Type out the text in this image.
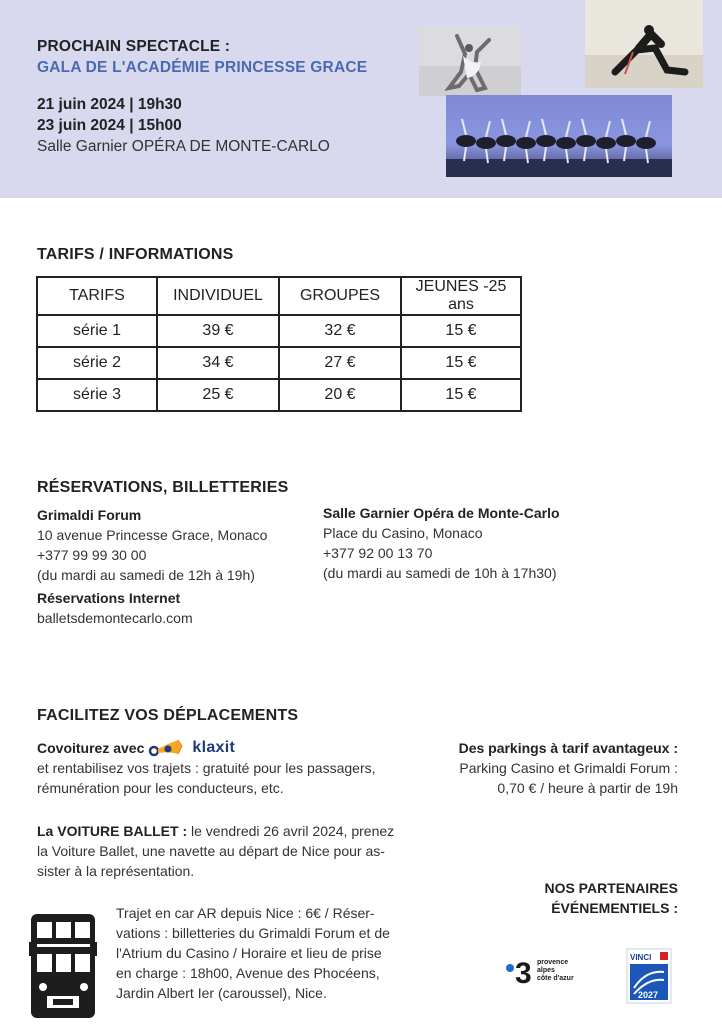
PROCHAIN SPECTACLE :
GALA DE L'ACADÉMIE PRINCESSE GRACE
21 juin 2024 | 19h30
23 juin 2024 | 15h00
Salle Garnier OPÉRA DE MONTE-CARLO
TARIFS / INFORMATIONS
TARIFS	INDIVIDUEL	GROUPES	JEUNES -25 ans
série 1	39 €	32 €	15 €
série 2	34 €	27 €	15 €
série 3	25 €	20 €	15 €
RÉSERVATIONS, BILLETTERIES
Grimaldi Forum
10 avenue Princesse Grace, Monaco
+377 99 99 30 00
(du mardi au samedi de 12h à 19h)
Réservations Internet
balletsdemontecarlo.com
Salle Garnier Opéra de Monte-Carlo
Place du Casino, Monaco
+377 92 00 13 70
(du mardi au samedi de 10h à 17h30)
FACILITEZ VOS DÉPLACEMENTS
Covoiturez avec	klaxit
et rentabilisez vos trajets : gratuité pour les passagers,
rémunération pour les conducteurs, etc.
Des parkings à tarif avantageux :
Parking Casino et Grimaldi Forum :
0,70 € / heure à partir de 19h
La VOITURE BALLET : le vendredi 26 avril 2024, prenez
la Voiture Ballet, une navette au départ de Nice pour as-
sister à la représentation.
Trajet en car AR depuis Nice : 6€ / Réser-
vations : billetteries du Grimaldi Forum et de
l'Atrium du Casino / Horaire et lieu de prise
en charge : 18h00, Avenue des Phocéens,
Jardin Albert Ier (caroussel), Nice.
NOS PARTENAIRES
ÉVÉNEMENTIELS :
3 provence
alpes
côte d'azur
VINCI
2027
